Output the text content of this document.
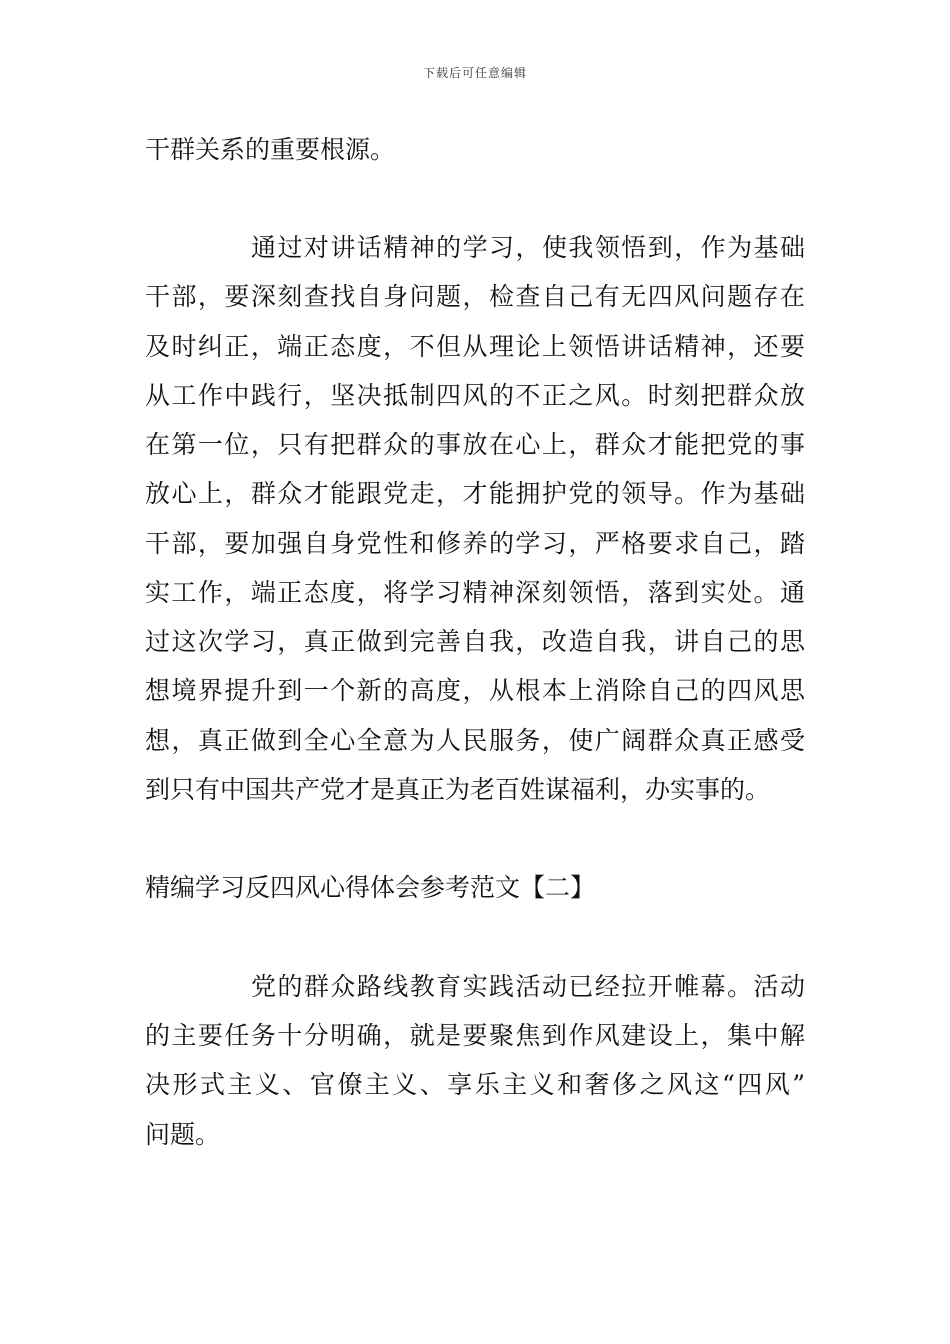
下载后可任意编辑
干群关系的重要根源。
通过对讲话精神的学习，使我领悟到，作为基础
干部，要深刻查找自身问题，检查自己有无四风问题存在
及时纠正，端正态度，不但从理论上领悟讲话精神，还要
从工作中践行，坚决抵制四风的不正之风。时刻把群众放
在第一位，只有把群众的事放在心上，群众才能把党的事
放心上，群众才能跟党走，才能拥护党的领导。作为基础
干部，要加强自身党性和修养的学习，严格要求自己，踏
实工作，端正态度，将学习精神深刻领悟，落到实处。通
过这次学习，真正做到完善自我，改造自我，讲自己的思
想境界提升到一个新的高度，从根本上消除自己的四风思
想，真正做到全心全意为人民服务，使广阔群众真正感受
到只有中国共产党才是真正为老百姓谋福利，办实事的。
精编学习反四风心得体会参考范文【二】
党的群众路线教育实践活动已经拉开帷幕。活动
的主要任务十分明确，就是要聚焦到作风建设上，集中解
决形式主义、官僚主义、享乐主义和奢侈之风这“四风”
问题。
